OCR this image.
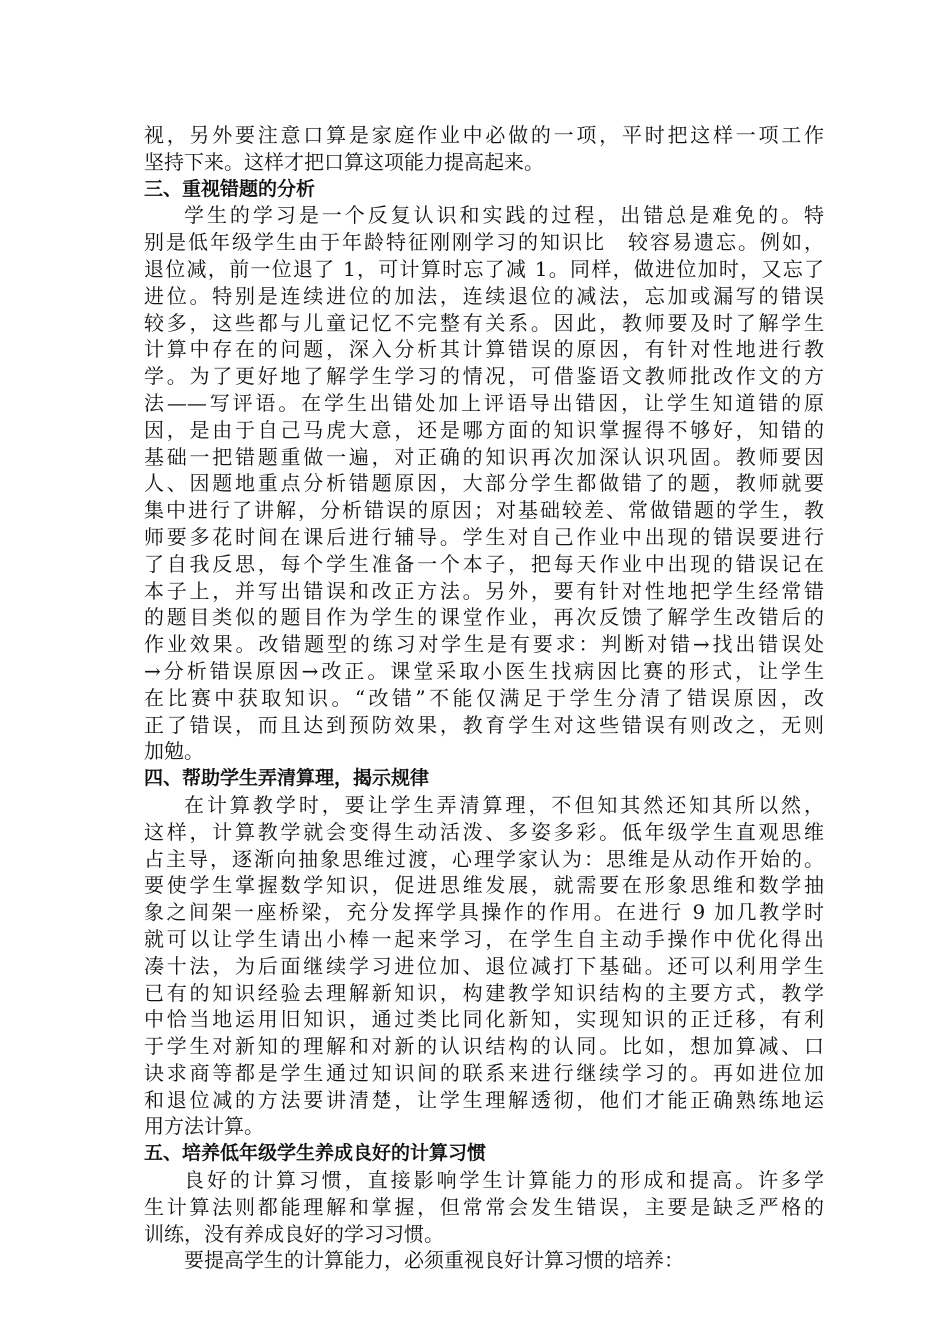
视，另外要注意口算是家庭作业中必做的一项，平时把这样一项工作
坚持下来。这样才把口算这项能力提高起来。
三、重视错题的分析
学生的学习是一个反复认识和实践的过程，出错总是难免的。特
别是低年级学生由于年龄特征刚刚学习的知识比　较容易遗忘。例如，
退位减，前一位退了 1，可计算时忘了减 1。同样，做进位加时，又忘了
进位。特别是连续进位的加法，连续退位的减法，忘加或漏写的错误
较多，这些都与儿童记忆不完整有关系。因此，教师要及时了解学生
计算中存在的问题，深入分析其计算错误的原因，有针对性地进行教
学。为了更好地了解学生学习的情况，可借鉴语文教师批改作文的方
法——写评语。在学生出错处加上评语导出错因，让学生知道错的原
因，是由于自己马虎大意，还是哪方面的知识掌握得不够好，知错的
基础一把错题重做一遍，对正确的知识再次加深认识巩固。教师要因
人、因题地重点分析错题原因，大部分学生都做错了的题，教师就要
集中进行了讲解，分析错误的原因；对基础较差、常做错题的学生，教
师要多花时间在课后进行辅导。学生对自己作业中出现的错误要进行
了自我反思，每个学生准备一个本子，把每天作业中出现的错误记在
本子上，并写出错误和改正方法。另外，要有针对性地把学生经常错
的题目类似的题目作为学生的课堂作业，再次反馈了解学生改错后的
作业效果。改错题型的练习对学生是有要求：判断对错→找出错误处
→分析错误原因→改正。课堂采取小医生找病因比赛的形式，让学生
在比赛中获取知识。“改错”不能仅满足于学生分清了错误原因，改
正了错误，而且达到预防效果，教育学生对这些错误有则改之，无则
加勉。
四、帮助学生弄清算理，揭示规律
在计算教学时，要让学生弄清算理，不但知其然还知其所以然，
这样，计算教学就会变得生动活泼、多姿多彩。低年级学生直观思维
占主导，逐渐向抽象思维过渡，心理学家认为：思维是从动作开始的。
要使学生掌握数学知识，促进思维发展，就需要在形象思维和数学抽
象之间架一座桥梁，充分发挥学具操作的作用。在进行 9 加几教学时
就可以让学生请出小棒一起来学习，在学生自主动手操作中优化得出
凑十法，为后面继续学习进位加、退位减打下基础。还可以利用学生
已有的知识经验去理解新知识，构建教学知识结构的主要方式，教学
中恰当地运用旧知识，通过类比同化新知，实现知识的正迁移，有利
于学生对新知的理解和对新的认识结构的认同。比如，想加算减、口
诀求商等都是学生通过知识间的联系来进行继续学习的。再如进位加
和退位减的方法要讲清楚，让学生理解透彻，他们才能正确熟练地运
用方法计算。
五、培养低年级学生养成良好的计算习惯
良好的计算习惯，直接影响学生计算能力的形成和提高。许多学
生计算法则都能理解和掌握，但常常会发生错误，主要是缺乏严格的
训练，没有养成良好的学习习惯。
要提高学生的计算能力，必须重视良好计算习惯的培养：
